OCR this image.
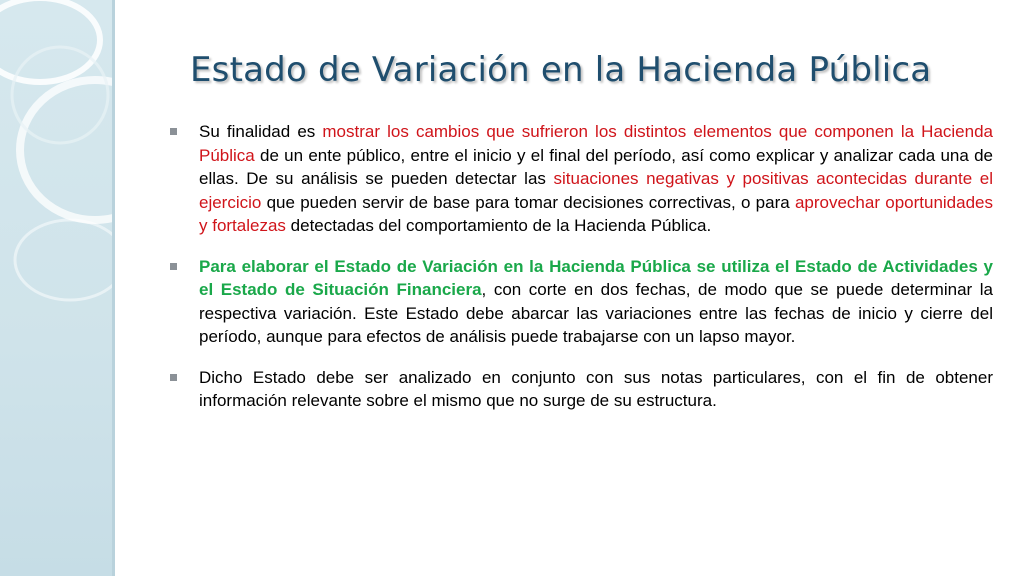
Estado de Variación en la Hacienda Pública

Su finalidad es mostrar los cambios que sufrieron los distintos elementos que componen la Hacienda Pública de un ente público, entre el inicio y el final del período, así como explicar y analizar cada una de ellas. De su análisis se pueden detectar las situaciones negativas y positivas acontecidas durante el ejercicio que pueden servir de base para tomar decisiones correctivas, o para aprovechar oportunidades y fortalezas detectadas del comportamiento de la Hacienda Pública.

Para elaborar el Estado de Variación en la Hacienda Pública se utiliza el Estado de Actividades y el Estado de Situación Financiera, con corte en dos fechas, de modo que se puede determinar la respectiva variación. Este Estado debe abarcar las variaciones entre las fechas de inicio y cierre del período, aunque para efectos de análisis puede trabajarse con un lapso mayor.

Dicho Estado debe ser analizado en conjunto con sus notas particulares, con el fin de obtener información relevante sobre el mismo que no surge de su estructura.
